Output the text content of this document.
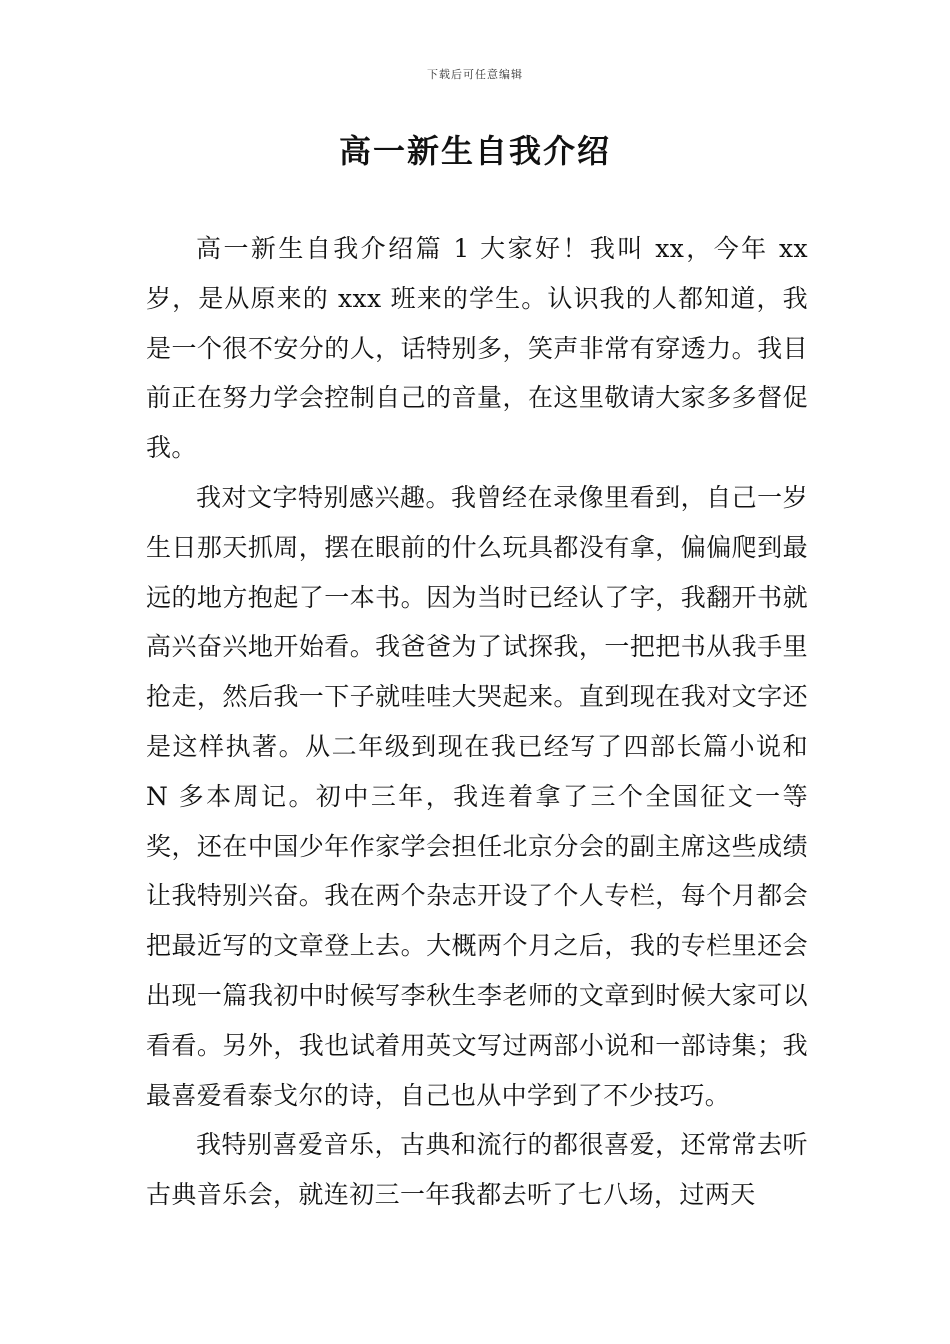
下载后可任意编辑
高一新生自我介绍

高一新生自我介绍篇 1 大家好！我叫 xx，今年 xx 岁，是从原来的 xxx 班来的学生。认识我的人都知道，我是一个很不安分的人，话特别多，笑声非常有穿透力。我目前正在努力学会控制自己的音量，在这里敬请大家多多督促我。

我对文字特别感兴趣。我曾经在录像里看到，自己一岁生日那天抓周，摆在眼前的什么玩具都没有拿，偏偏爬到最远的地方抱起了一本书。因为当时已经认了字，我翻开书就高兴奋兴地开始看。我爸爸为了试探我，一把把书从我手里抢走，然后我一下子就哇哇大哭起来。直到现在我对文字还是这样执著。从二年级到现在我已经写了四部长篇小说和 N 多本周记。初中三年，我连着拿了三个全国征文一等奖，还在中国少年作家学会担任北京分会的副主席这些成绩让我特别兴奋。我在两个杂志开设了个人专栏，每个月都会把最近写的文章登上去。大概两个月之后，我的专栏里还会出现一篇我初中时候写李秋生李老师的文章到时候大家可以看看。另外，我也试着用英文写过两部小说和一部诗集；我最喜爱看泰戈尔的诗，自己也从中学到了不少技巧。

我特别喜爱音乐，古典和流行的都很喜爱，还常常去听古典音乐会，就连初三一年我都去听了七八场，过两天
